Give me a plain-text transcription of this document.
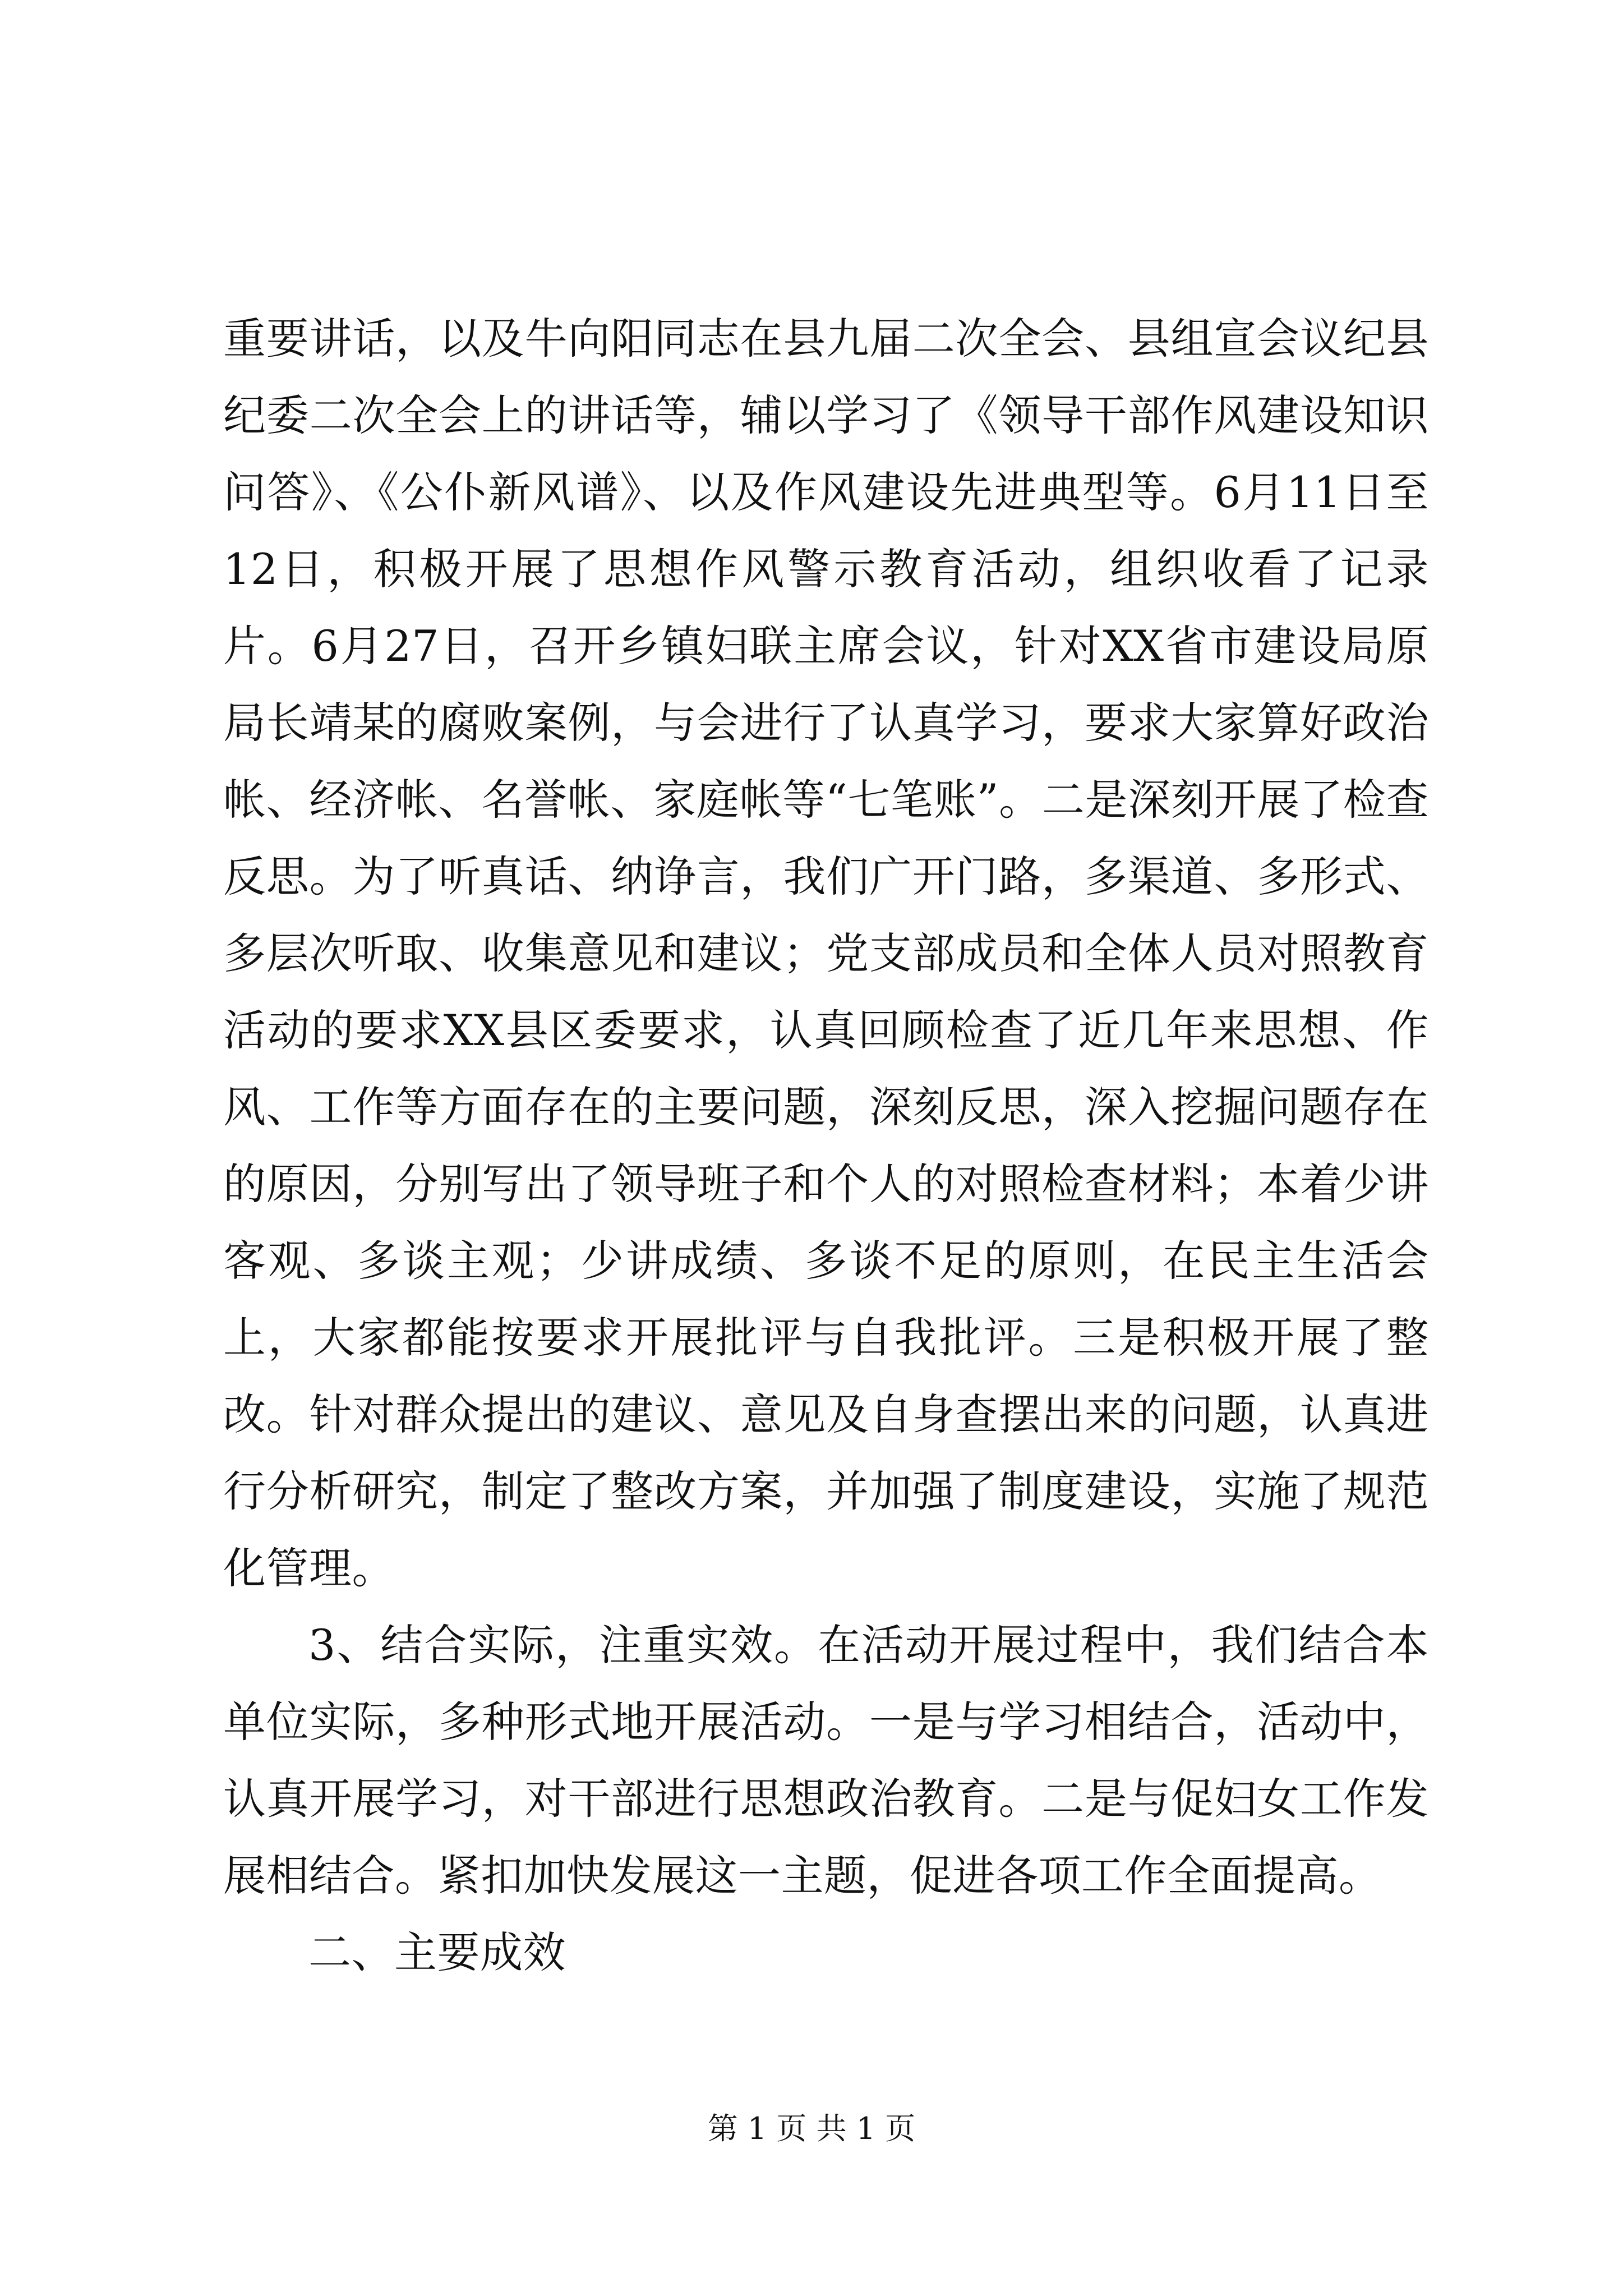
重要讲话，以及牛向阳同志在县九届二次全会、县组宣会议纪县纪委二次全会上的讲话等，辅以学习了《领导干部作风建设知识问答》、《公仆新风谱》、以及作风建设先进典型等。6月11日至12日，积极开展了思想作风警示教育活动，组织收看了记录片。6月27日，召开乡镇妇联主席会议，针对XX省市建设局原局长靖某的腐败案例，与会进行了认真学习，要求大家算好政治帐、经济帐、名誉帐、家庭帐等“七笔账”。二是深刻开展了检查反思。为了听真话、纳诤言，我们广开门路，多渠道、多形式、多层次听取、收集意见和建议；党支部成员和全体人员对照教育活动的要求XX县区委要求，认真回顾检查了近几年来思想、作风、工作等方面存在的主要问题，深刻反思，深入挖掘问题存在的原因，分别写出了领导班子和个人的对照检查材料；本着少讲客观、多谈主观；少讲成绩、多谈不足的原则，在民主生活会上，大家都能按要求开展批评与自我批评。三是积极开展了整改。针对群众提出的建议、意见及自身查摆出来的问题，认真进行分析研究，制定了整改方案，并加强了制度建设，实施了规范化管理。

3、结合实际，注重实效。在活动开展过程中，我们结合本单位实际，多种形式地开展活动。一是与学习相结合，活动中，认真开展学习，对干部进行思想政治教育。二是与促妇女工作发展相结合。紧扣加快发展这一主题，促进各项工作全面提高。

二、主要成效

第 1 页 共 1 页
